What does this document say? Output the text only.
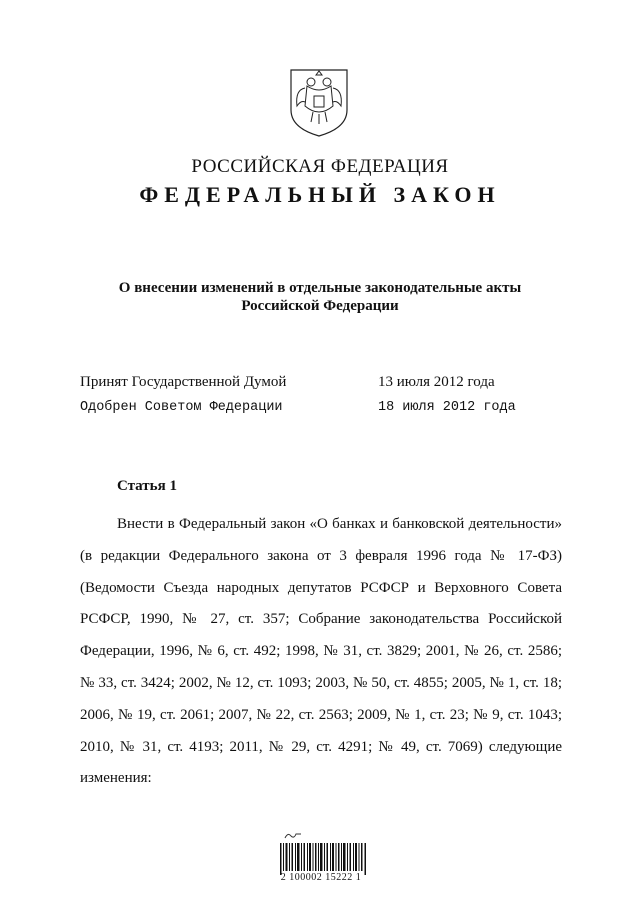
РОССИЙСКАЯ ФЕДЕРАЦИЯ
ФЕДЕРАЛЬНЫЙ ЗАКОН
О внесении изменений в отдельные законодательные акты
Российской Федерации
Принят Государственной Думой	13 июля 2012 года
Одобрен Советом Федерации	18 июля 2012 года
Статья 1
Внести в Федеральный закон «О банках и банковской деятельности» (в редакции Федерального закона от 3 февраля 1996 года № 17-ФЗ) (Ведомости Съезда народных депутатов РСФСР и Верховного Совета РСФСР, 1990, № 27, ст. 357; Собрание законодательства Российской Федерации, 1996, № 6, ст. 492; 1998, № 31, ст. 3829; 2001, № 26, ст. 2586; № 33, ст. 3424; 2002, № 12, ст. 1093; 2003, № 50, ст. 4855; 2005, № 1, ст. 18; 2006, № 19, ст. 2061; 2007, № 22, ст. 2563; 2009, № 1, ст. 23; № 9, ст. 1043; 2010, № 31, ст. 4193; 2011, № 29, ст. 4291; № 49, ст. 7069) следующие изменения:
2 100002 15222 1
